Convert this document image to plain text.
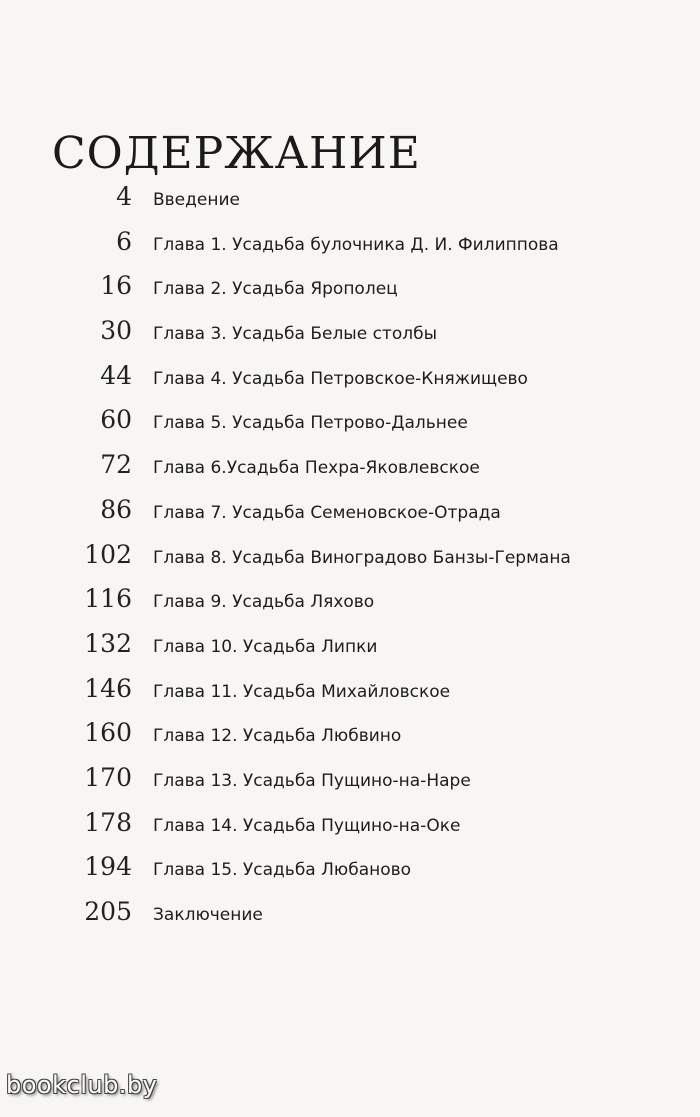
СОДЕРЖАНИЕ
4 Введение
6 Глава 1. Усадьба булочника Д. И. Филиппова
16 Глава 2. Усадьба Ярополец
30 Глава 3. Усадьба Белые столбы
44 Глава 4. Усадьба Петровское-Княжищево
60 Глава 5. Усадьба Петрово-Дальнее
72 Глава 6.Усадьба Пехра-Яковлевское
86 Глава 7. Усадьба Семеновское-Отрада
102 Глава 8. Усадьба Виноградово Банзы-Германа
116 Глава 9. Усадьба Ляхово
132 Глава 10. Усадьба Липки
146 Глава 11. Усадьба Михайловское
160 Глава 12. Усадьба Любвино
170 Глава 13. Усадьба Пущино-на-Наре
178 Глава 14. Усадьба Пущино-на-Оке
194 Глава 15. Усадьба Любаново
205 Заключение
bookclub.by
